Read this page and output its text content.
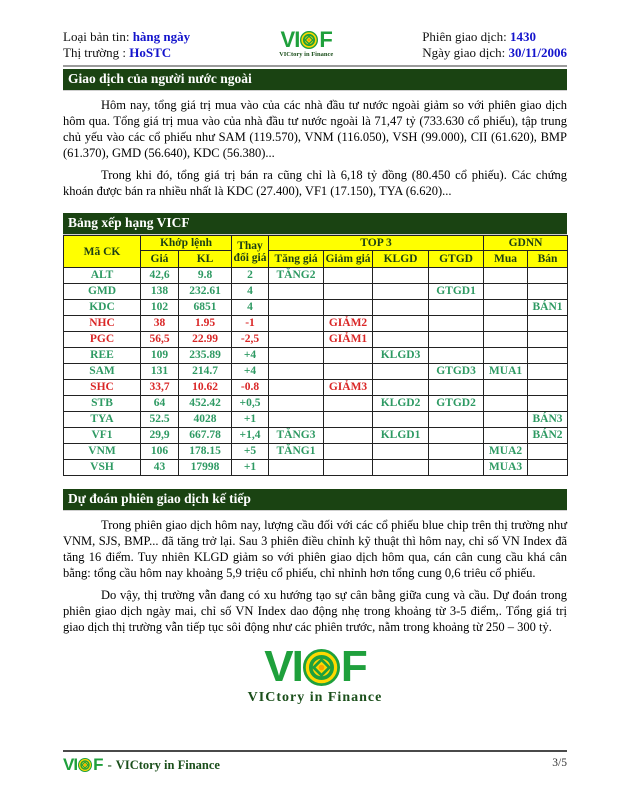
Loại bản tin: hàng ngày
Thị trường : HoSTC
VI F
VICtory in Finance
Phiên giao dịch: 1430
Ngày giao dịch: 30/11/2006
Giao dịch của người nước ngoài

Hôm nay, tổng giá trị mua vào của các nhà đầu tư nước ngoài giảm so với phiên giao dịch hôm qua. Tổng giá trị mua vào của nhà đầu tư nước ngoài là 71,47 tỷ (733.630 cổ phiếu), tập trung chủ yếu vào các cổ phiếu như SAM (119.570), VNM (116.050), VSH (99.000), CII (61.620), BMP (61.370), GMD (56.640), KDC (56.380)...

Trong khi đó, tổng giá trị bán ra cũng chỉ là 6,18 tỷ đồng (80.450 cổ phiếu). Các chứng khoán được bán ra nhiều nhất là KDC (27.400), VF1 (17.150), TYA (6.620)...

Bảng xếp hạng VICF
Mã CK	Khớp lệnh		Thay đổi giá	TOP 3				GDNN	
				Tăng giá	Giảm giá	KLGD	GTGD		
	Giá	KL						Mua	Bán
ALT	42,6	9.8	2	TĂNG2					
GMD	138	232.61	4				GTGD1		
KDC	102	6851	4						BÁN1
NHC	38	1.95	-1		GIẢM2				
PGC	56,5	22.99	-2,5		GIẢM1				
REE	109	235.89	+4			KLGD3			
SAM	131	214.7	+4				GTGD3	MUA1	
SHC	33,7	10.62	-0.8		GIẢM3				
STB	64	452.42	+0,5			KLGD2	GTGD2		
TYA	52.5	4028	+1						BÁN3
VF1	29,9	667.78	+1,4	TĂNG3		KLGD1			BÁN2
VNM	106	178.15	+5	TĂNG1				MUA2	
VSH	43	17998	+1					MUA3	
Dự đoán phiên giao dịch kế tiếp

Trong phiên giao dịch hôm nay, lượng cầu đối với các cổ phiếu blue chip trên thị trường như VNM, SJS, BMP... đã tăng trở lại. Sau 3 phiên điều chỉnh kỹ thuật thì hôm nay, chỉ số VN Index đã tăng 16 điểm. Tuy nhiên KLGD giảm so với phiên giao dịch hôm qua, cán cân cung cầu khá cân bằng: tổng cầu hôm nay khoảng 5,9 triệu cổ phiếu, chỉ nhỉnh hơn tổng cung 0,6 triêu cổ phiếu.

Do vậy, thị trường vẫn đang có xu hướng tạo sự cân bằng giữa cung và cầu. Dự đoán trong phiên giao dịch ngày mai, chỉ số VN Index dao động nhẹ trong khoảng từ 3-5 điểm,. Tổng giá trị giao dịch thị trường vẫn tiếp tục sôi động như các phiên trước, nằm trong khoảng từ 250 – 300 tỷ.

VI F
VICtory in Finance
VI F - VICtory in Finance	3/5
